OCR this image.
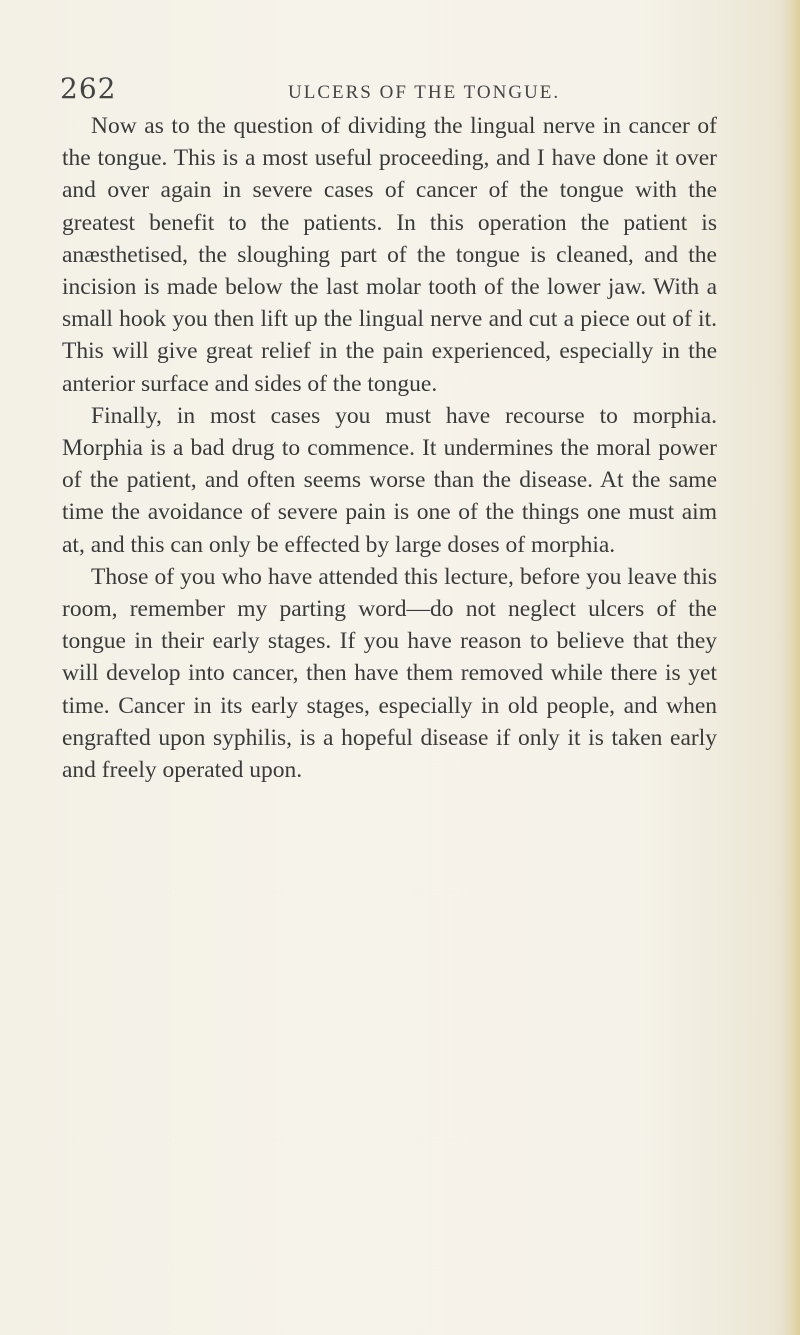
262	ULCERS OF THE TONGUE.

Now as to the question of dividing the lingual nerve in cancer of the tongue. This is a most useful proceeding, and I have done it over and over again in severe cases of cancer of the tongue with the greatest benefit to the patients. In this operation the patient is anæsthetised, the sloughing part of the tongue is cleaned, and the incision is made below the last molar tooth of the lower jaw. With a small hook you then lift up the lingual nerve and cut a piece out of it. This will give great relief in the pain experienced, especially in the anterior surface and sides of the tongue.

Finally, in most cases you must have recourse to morphia. Morphia is a bad drug to commence. It undermines the moral power of the patient, and often seems worse than the disease. At the same time the avoidance of severe pain is one of the things one must aim at, and this can only be effected by large doses of morphia.

Those of you who have attended this lecture, before you leave this room, remember my parting word—do not neglect ulcers of the tongue in their early stages. If you have reason to believe that they will develop into cancer, then have them removed while there is yet time. Cancer in its early stages, especially in old people, and when engrafted upon syphilis, is a hopeful disease if only it is taken early and freely operated upon.
